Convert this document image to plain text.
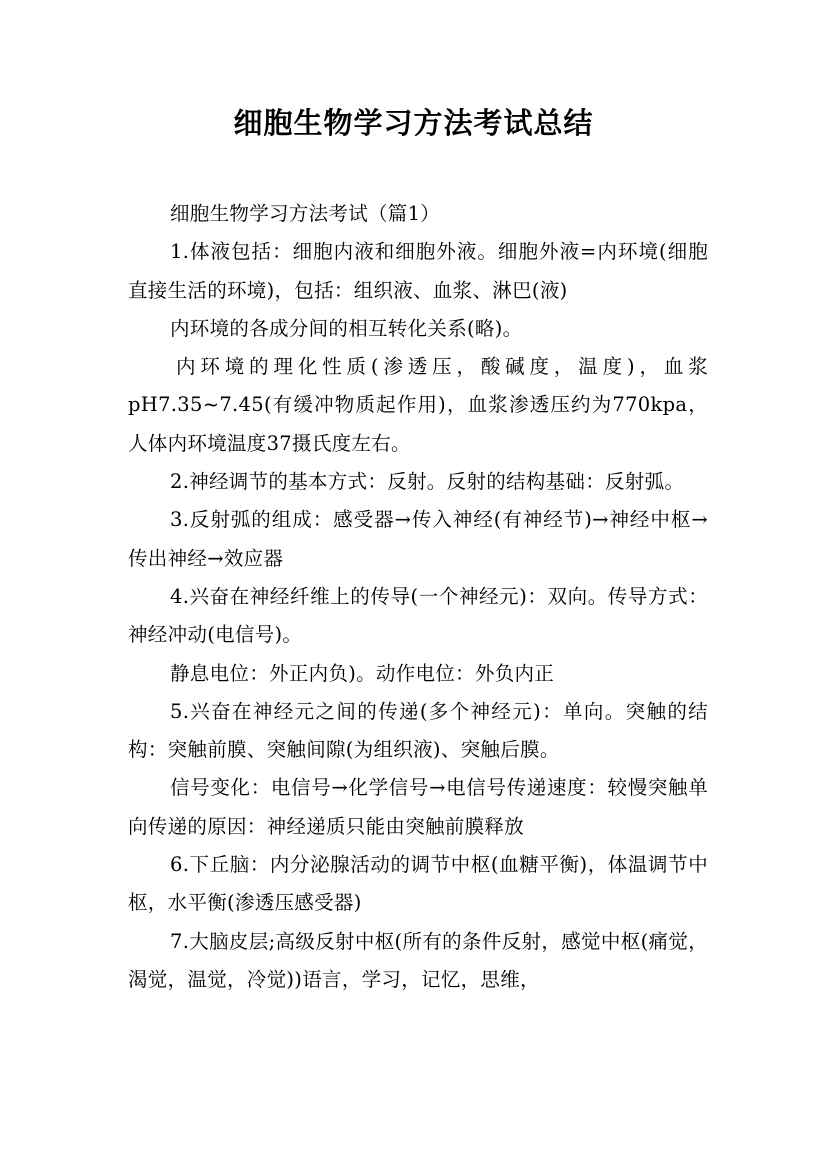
细胞生物学习方法考试总结

细胞生物学习方法考试（篇1）

1.体液包括：细胞内液和细胞外液。细胞外液=内环境(细胞直接生活的环境)，包括：组织液、血浆、淋巴(液)

内环境的各成分间的相互转化关系(略)。

内环境的理化性质(渗透压，酸碱度，温度)，血浆pH7.35~7.45(有缓冲物质起作用)，血浆渗透压约为770kpa，人体内环境温度37摄氏度左右。

2.神经调节的基本方式：反射。反射的结构基础：反射弧。

3.反射弧的组成：感受器→传入神经(有神经节)→神经中枢→传出神经→效应器

4.兴奋在神经纤维上的传导(一个神经元)：双向。传导方式：神经冲动(电信号)。

静息电位：外正内负)。动作电位：外负内正

5.兴奋在神经元之间的传递(多个神经元)：单向。突触的结构：突触前膜、突触间隙(为组织液)、突触后膜。

信号变化：电信号→化学信号→电信号传递速度：较慢突触单向传递的原因：神经递质只能由突触前膜释放

6.下丘脑：内分泌腺活动的调节中枢(血糖平衡)，体温调节中枢，水平衡(渗透压感受器)

7.大脑皮层;高级反射中枢(所有的条件反射，感觉中枢(痛觉，渴觉，温觉，冷觉))语言，学习，记忆，思维，
